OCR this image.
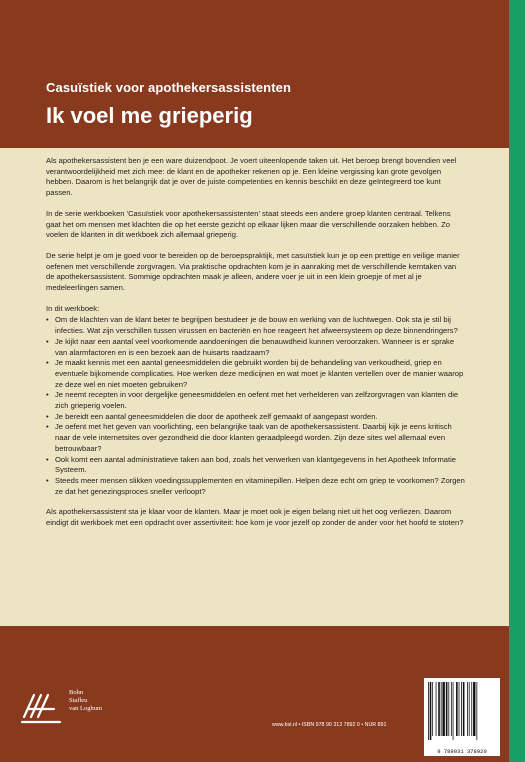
Casuïstiek voor apothekersassistenten
Ik voel me grieperig

Als apothekersassistent ben je een ware duizendpoot. Je voert uiteenlopende taken uit. Het beroep brengt bovendien veel verantwoordelijkheid met zich mee: de klant en de apotheker rekenen op je. Een kleine vergissing kan grote gevolgen hebben. Daarom is het belangrijk dat je over de juiste competenties en kennis beschikt en deze geïntegreerd toe kunt passen.

In de serie werkboeken 'Casuïstiek voor apothekersassistenten' staat steeds een andere groep klanten centraal. Telkens gaat het om mensen met klachten die op het eerste gezicht op elkaar lijken maar die verschillende oorzaken hebben. Zo voelen de klanten in dit werkboek zich allemaal grieperig.

De serie helpt je om je goed voor te bereiden op de beroepspraktijk, met casuïstiek kun je op een prettige en veilige manier oefenen met verschillende zorgvragen. Via praktische opdrachten kom je in aanraking met de verschillende kerntaken van de apothekersassistent. Sommige opdrachten maak je alleen, andere voer je uit in een klein groepje of met al je medeleerlingen samen.

In dit werkboek:

• Om de klachten van de klant beter te begrijpen bestudeer je de bouw en werking van de luchtwegen. Ook sta je stil bij infecties. Wat zijn verschillen tussen virussen en bacteriën en hoe reageert het afweersysteem op deze binnendringers?
• Je kijkt naar een aantal veel voorkomende aandoeningen die benauwdheid kunnen veroorzaken. Wanneer is er sprake van alarmfactoren en is een bezoek aan de huisarts raadzaam?
• Je maakt kennis met een aantal geneesmiddelen die gebruikt worden bij de behandeling van verkoudheid, griep en eventuele bijkomende complicaties. Hoe werken deze medicijnen en wat moet je klanten vertellen over de manier waarop ze deze wel en niet moeten gebruiken?
• Je neemt recepten in voor dergelijke geneesmiddelen en oefent met het verhelderen van zelfzorgvragen van klanten die zich grieperig voelen.
• Je bereidt een aantal geneesmiddelen die door de apotheek zelf gemaakt of aangepast worden.
• Je oefent met het geven van voorlichting, een belangrijke taak van de apothekersassistent. Daarbij kijk je eens kritisch naar de vele internetsites over gezondheid die door klanten geraadpleegd worden. Zijn deze sites wel allemaal even betrouwbaar?
• Ook komt een aantal administratieve taken aan bod, zoals het verwerken van klantgegevens in het Apotheek Informatie Systeem.
• Steeds meer mensen slikken voedingssupplementen en vitaminepillen. Helpen deze echt om griep te voorkomen? Zorgen ze dat het genezingsproces sneller verloopt?

Als apothekersassistent sta je klaar voor de klanten. Maar je moet ook je eigen belang niet uit het oog verliezen. Daarom eindigt dit werkboek met een opdracht over assertiviteit: hoe kom je voor jezelf op zonder de ander voor het hoofd te stoten?

Bohn
Stafleu
van Loghum
www.bsl.nl • ISBN 978 90 313 7892 0 • NUR 891
9 789031 378920
